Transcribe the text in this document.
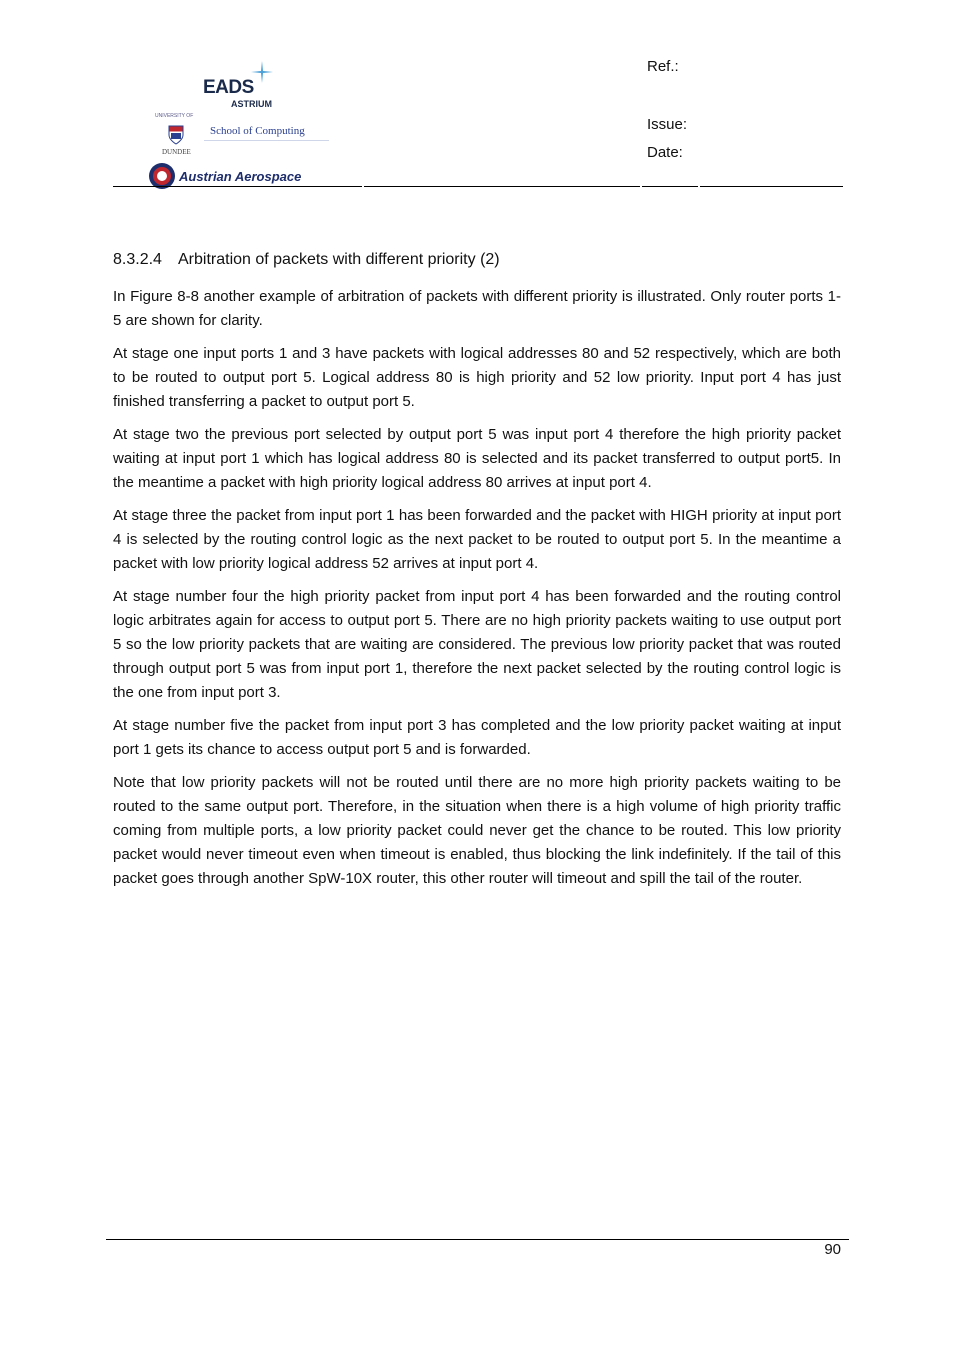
EADS
ASTRIUM
UNIVERSITY OF
DUNDEE
School of Computing
Austrian Aerospace
Ref.:
Issue:
Date:
8.3.2.4 Arbitration of packets with different priority (2)

In Figure 8-8 another example of arbitration of packets with different priority is illustrated. Only router ports 1-5 are shown for clarity.

At stage one input ports 1 and 3 have packets with logical addresses 80 and 52 respectively, which are both to be routed to output port 5. Logical address 80 is high priority and 52 low priority. Input port 4 has just finished transferring a packet to output port 5.

At stage two the previous port selected by output port 5 was input port 4 therefore the high priority packet waiting at input port 1 which has logical address 80 is selected and its packet transferred to output port5. In the meantime a packet with high priority logical address 80 arrives at input port 4.

At stage three the packet from input port 1 has been forwarded and the packet with HIGH priority at input port 4 is selected by the routing control logic as the next packet to be routed to output port 5. In the meantime a packet with low priority logical address 52 arrives at input port 4.

At stage number four the high priority packet from input port 4 has been forwarded and the routing control logic arbitrates again for access to output port 5. There are no high priority packets waiting to use output port 5 so the low priority packets that are waiting are considered. The previous low priority packet that was routed through output port 5 was from input port 1, therefore the next packet selected by the routing control logic is the one from input port 3.

At stage number five the packet from input port 3 has completed and the low priority packet waiting at input port 1 gets its chance to access output port 5 and is forwarded.

Note that low priority packets will not be routed until there are no more high priority packets waiting to be routed to the same output port. Therefore, in the situation when there is a high volume of high priority traffic coming from multiple ports, a low priority packet could never get the chance to be routed. This low priority packet would never timeout even when timeout is enabled, thus blocking the link indefinitely. If the tail of this packet goes through another SpW-10X router, this other router will timeout and spill the tail of the router.

90
